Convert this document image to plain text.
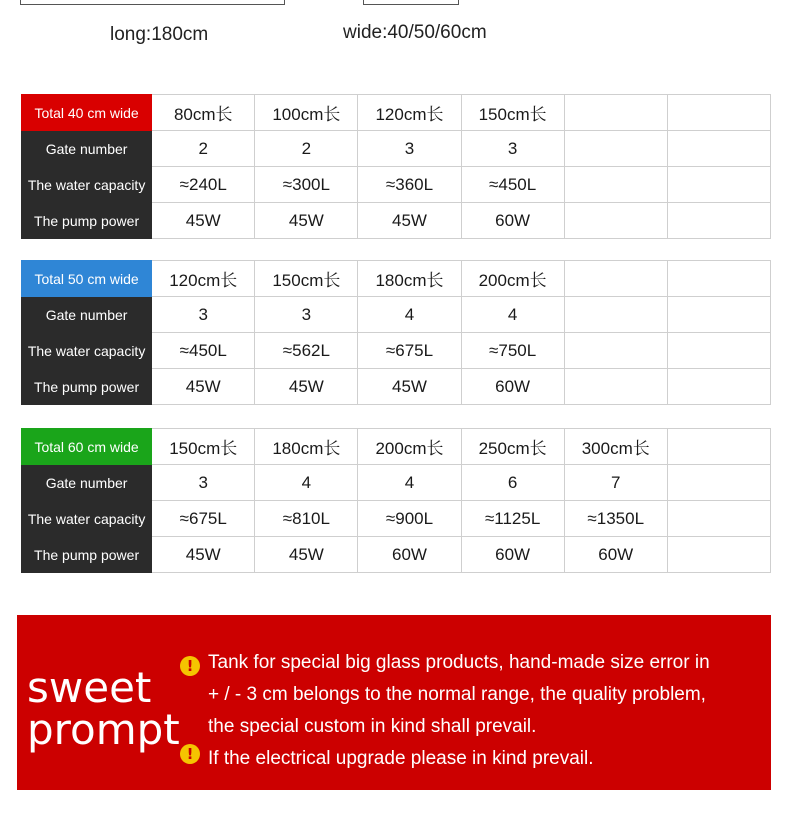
long:180cm	wide:40/50/60cm
Total 40 cm wide	80cm长	100cm长	120cm长	150cm长		
Gate number	2	2	3	3		
The water capacity	≈240L	≈300L	≈360L	≈450L		
The pump power	45W	45W	45W	60W		
Total 50 cm wide	120cm长	150cm长	180cm长	200cm长		
Gate number	3	3	4	4		
The water capacity	≈450L	≈562L	≈675L	≈750L		
The pump power	45W	45W	45W	60W		
Total 60 cm wide	150cm长	180cm长	200cm长	250cm长	300cm长	
Gate number	3	4	4	6	7	
The water capacity	≈675L	≈810L	≈900L	≈1125L	≈1350L	
The pump power	45W	45W	60W	60W	60W	
sweet
prompt
! Tank for special big glass products, hand-made size error in
+ / - 3 cm belongs to the normal range, the quality problem,
the special custom in kind shall prevail.
! If the electrical upgrade please in kind prevail.
